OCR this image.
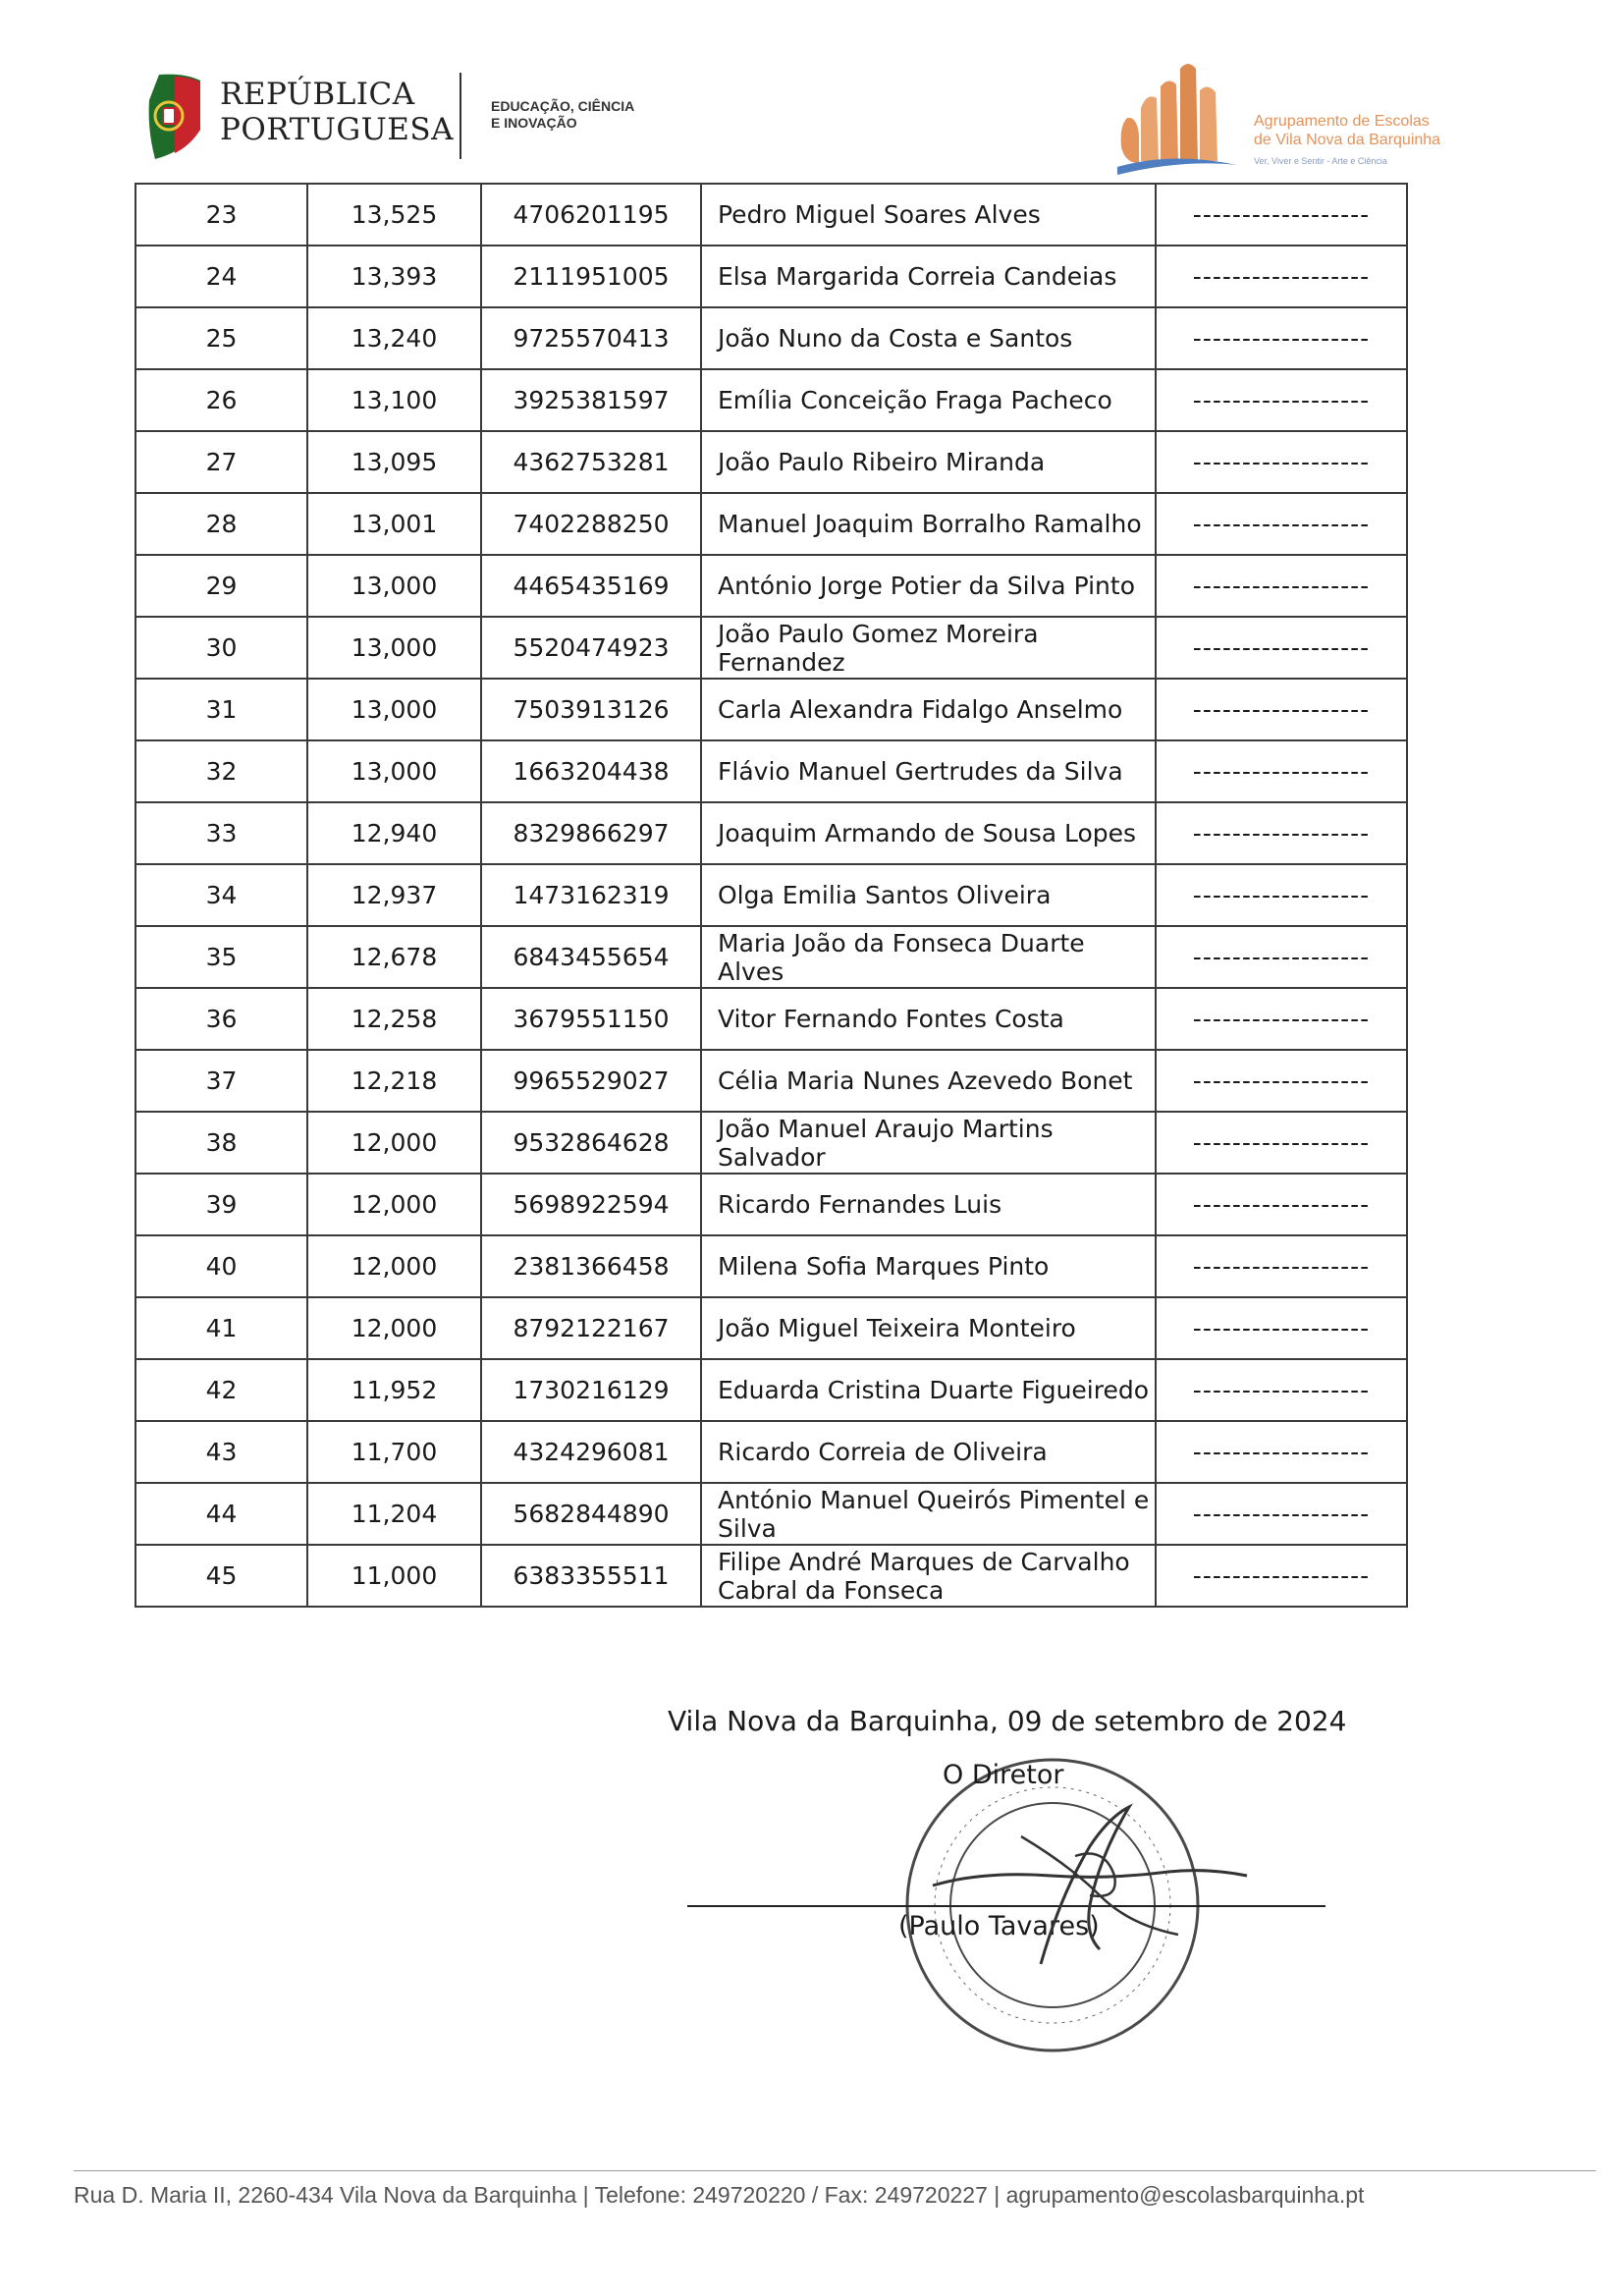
REPÚBLICA
PORTUGUESA
EDUCAÇÃO, CIÊNCIA
E INOVAÇÃO	Agrupamento de Escolas
de Vila Nova da Barquinha
Ver, Viver e Sentir - Arte e Ciência
23	13,525	4706201195	Pedro Miguel Soares Alves	------------------
24	13,393	2111951005	Elsa Margarida Correia Candeias	------------------
25	13,240	9725570413	João Nuno da Costa e Santos	------------------
26	13,100	3925381597	Emília Conceição Fraga Pacheco	------------------
27	13,095	4362753281	João Paulo Ribeiro Miranda	------------------
28	13,001	7402288250	Manuel Joaquim Borralho Ramalho	------------------
29	13,000	4465435169	António Jorge Potier da Silva Pinto	------------------
30	13,000	5520474923	João Paulo Gomez Moreira Fernandez	------------------
31	13,000	7503913126	Carla Alexandra Fidalgo Anselmo	------------------
32	13,000	1663204438	Flávio Manuel Gertrudes da Silva	------------------
33	12,940	8329866297	Joaquim Armando de Sousa Lopes	------------------
34	12,937	1473162319	Olga Emilia Santos Oliveira	------------------
35	12,678	6843455654	Maria João da Fonseca Duarte Alves	------------------
36	12,258	3679551150	Vitor Fernando Fontes Costa	------------------
37	12,218	9965529027	Célia Maria Nunes Azevedo Bonet	------------------
38	12,000	9532864628	João Manuel Araujo Martins Salvador	------------------
39	12,000	5698922594	Ricardo Fernandes Luis	------------------
40	12,000	2381366458	Milena Sofia Marques Pinto	------------------
41	12,000	8792122167	João Miguel Teixeira Monteiro	------------------
42	11,952	1730216129	Eduarda Cristina Duarte Figueiredo	------------------
43	11,700	4324296081	Ricardo Correia de Oliveira	------------------
44	11,204	5682844890	António Manuel Queirós Pimentel e Silva	------------------
45	11,000	6383355511	Filipe André Marques de Carvalho Cabral da Fonseca	------------------
Vila Nova da Barquinha, 09 de setembro de 2024
O Diretor
(Paulo Tavares)
Rua D. Maria II, 2260-434 Vila Nova da Barquinha | Telefone: 249720220 / Fax: 249720227 | agrupamento@escolasbarquinha.pt
